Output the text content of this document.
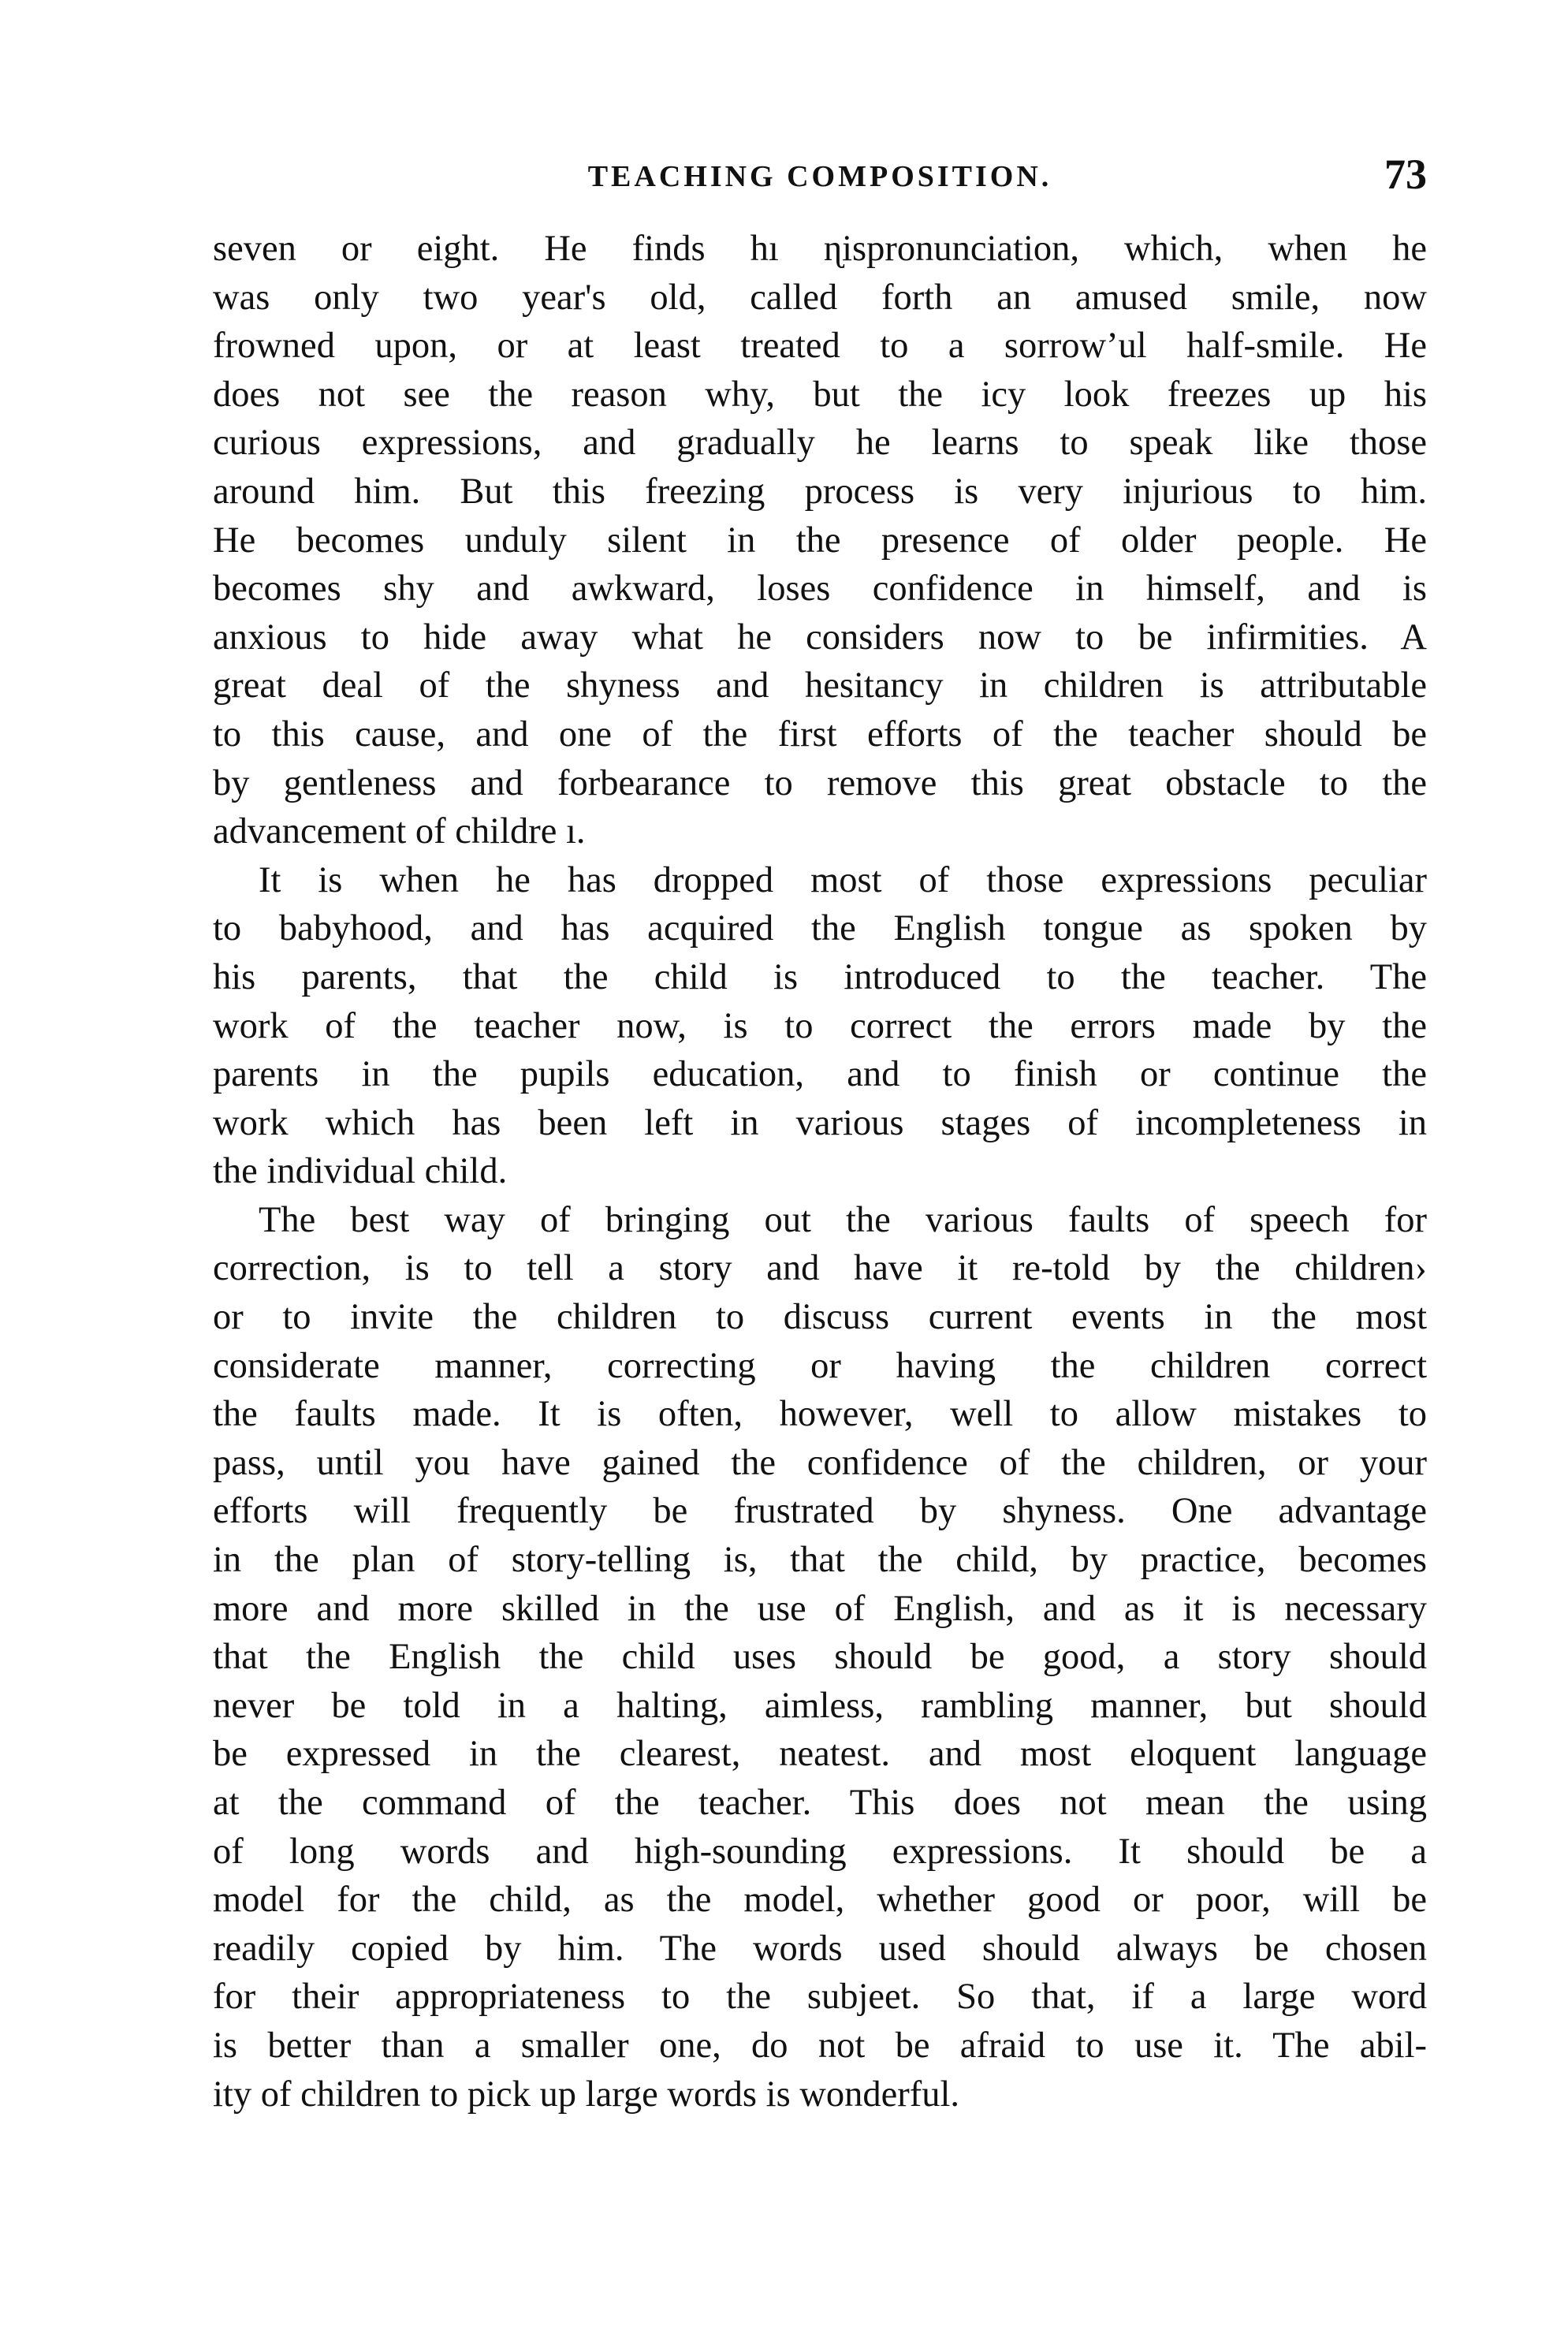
TEACHING COMPOSITION.	73
seven or eight. He finds hı ɳispronunciation, which, when he
was only two year's old, called forth an amused smile, now
frowned upon, or at least treated to a sorrow’ul half-smile. He
does not see the reason why, but the icy look freezes up his
curious expressions, and gradually he learns to speak like those
around him. But this freezing process is very injurious to him.
He becomes unduly silent in the presence of older people. He
becomes shy and awkward, loses confidence in himself, and is
anxious to hide away what he considers now to be infirmities. A
great deal of the shyness and hesitancy in children is attributable
to this cause, and one of the first efforts of the teacher should be
by gentleness and forbearance to remove this great obstacle to the
advancement of childre ı.
It is when he has dropped most of those expressions peculiar
to babyhood, and has acquired the English tongue as spoken by
his parents, that the child is introduced to the teacher. The
work of the teacher now, is to correct the errors made by the
parents in the pupils education, and to finish or continue the
work which has been left in various stages of incompleteness in
the individual child.
The best way of bringing out the various faults of speech for
correction, is to tell a story and have it re-told by the children›
or to invite the children to discuss current events in the most
considerate manner, correcting or having the children correct
the faults made. It is often, however, well to allow mistakes to
pass, until you have gained the confidence of the children, or your
efforts will frequently be frustrated by shyness. One advantage
in the plan of story-telling is, that the child, by practice, becomes
more and more skilled in the use of English, and as it is necessary
that the English the child uses should be good, a story should
never be told in a halting, aimless, rambling manner, but should
be expressed in the clearest, neatest. and most eloquent language
at the command of the teacher. This does not mean the using
of long words and high-sounding expressions. It should be a
model for the child, as the model, whether good or poor, will be
readily copied by him. The words used should always be chosen
for their appropriateness to the subjeet. So that, if a large word
is better than a smaller one, do not be afraid to use it. The abil-
ity of children to pick up large words is wonderful.
